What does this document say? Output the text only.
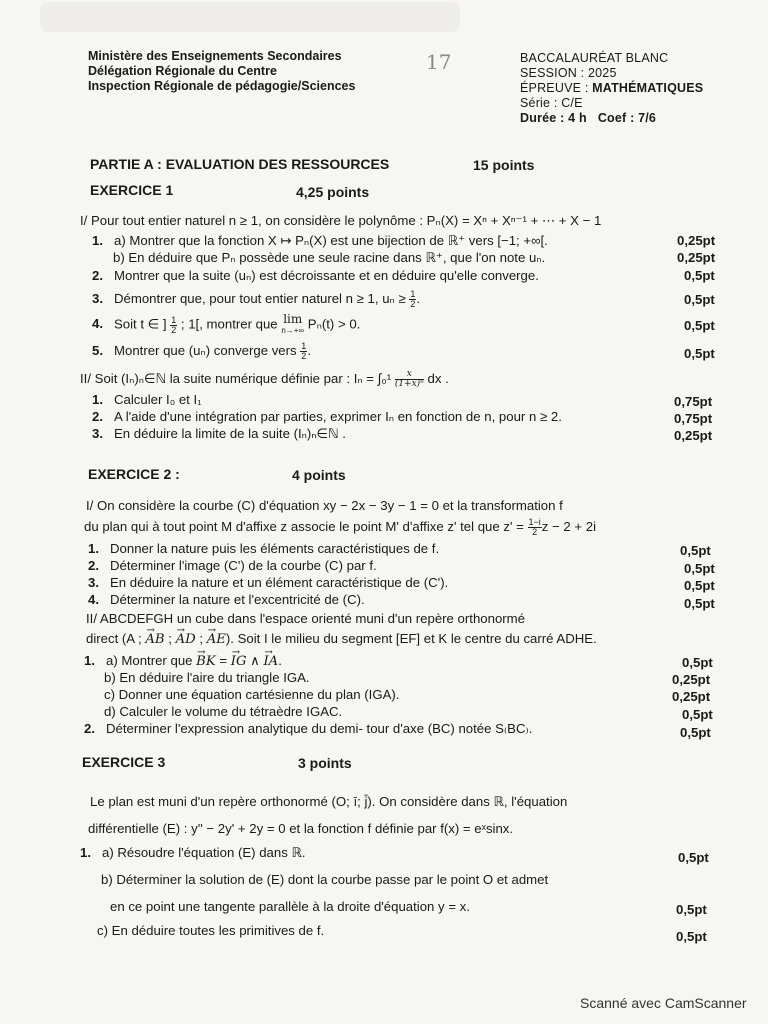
Ministère des Enseignements Secondaires
Délégation Régionale du Centre
Inspection Régionale de pédagogie/Sciences
17	BACCALAURÉAT BLANC
SESSION : 2025
ÉPREUVE : MATHÉMATIQUES
Série : C/E
Durée : 4 h   Coef : 7/6
PARTIE A : EVALUATION DES RESSOURCES	15 points
EXERCICE 1	4,25 points
I/ Pour tout entier naturel n ≥ 1, on considère le polynôme : Pₙ(X) = Xⁿ + Xⁿ⁻¹ + ⋯ + X − 1
1. a) Montrer que la fonction X ↦ Pₙ(X) est une bijection de ℝ⁺ vers [−1; +∞[.	0,25pt
b) En déduire que Pₙ possède une seule racine dans ℝ⁺, que l'on note uₙ.	0,25pt
2. Montrer que la suite (uₙ) est décroissante et en déduire qu'elle converge.	0,5pt
3. Démontrer que, pour tout entier naturel n ≥ 1, $u_n \ge \frac{1}{2}$ .	0,5pt
4. Soit t ∈ ] $\frac{1}{2}$ ; 1[, montrer que lim
n→+∞ Pₙ(t) > 0.	0,5pt
5. Montrer que (uₙ) converge vers $\frac{1}{2}$ .	0,5pt
II/ Soit (Iₙ)ₙ∈ℕ la suite numérique définie par : $I_n = \int_0^1 \frac{x}{\text{(1+x)ⁿ}}$ dx .
1. Calculer I₀ et I₁	0,75pt
2. A l'aide d'une intégration par parties, exprimer Iₙ en fonction de n, pour n ≥ 2.	0,75pt
3. En déduire la limite de la suite (Iₙ)ₙ∈ℕ .	0,25pt
EXERCICE 2 :	4 points
I/ On considère la courbe (C) d'équation xy − 2x − 3y − 1 = 0 et la transformation f
du plan qui à tout point M d'affixe z associe le point M' d'affixe z' tel que $z' = \frac{1-i}{2}$ z − 2 + 2i
1. Donner la nature puis les éléments caractéristiques de f.	0,5pt
2. Déterminer l'image (C') de la courbe (C) par f.	0,5pt
3. En déduire la nature et un élément caractéristique de (C').	0,5pt
4. Déterminer la nature et l'excentricité de (C).	0,5pt
II/ ABCDEFGH un cube dans l'espace orienté muni d'un repère orthonormé
direct (A ; → AB ; → AD ; → AE). Soit I le milieu du segment [EF] et K le centre du carré ADHE.
1. a) Montrer que → BK = → IG ∧ → IA.	0,5pt
b) En déduire l'aire du triangle IGA.	0,25pt
c) Donner une équation cartésienne du plan (IGA).	0,25pt
d) Calculer le volume du tétraèdre IGAC.	0,5pt
2. Déterminer l'expression analytique du demi- tour d'axe (BC) notée S₍BC₎.	0,5pt
EXERCICE 3	3 points
Le plan est muni d'un repère orthonormé (O; ī; j̄). On considère dans ℝ, l'équation
différentielle (E) : y'' − 2y' + 2y = 0 et la fonction f définie par f(x) = eˣsinx.
1. a) Résoudre l'équation (E) dans ℝ.	0,5pt
b) Déterminer la solution de (E) dont la courbe passe par le point O et admet
en ce point une tangente parallèle à la droite d'équation y = x.	0,5pt
c) En déduire toutes les primitives de f.	0,5pt
Scanné avec CamScanner
